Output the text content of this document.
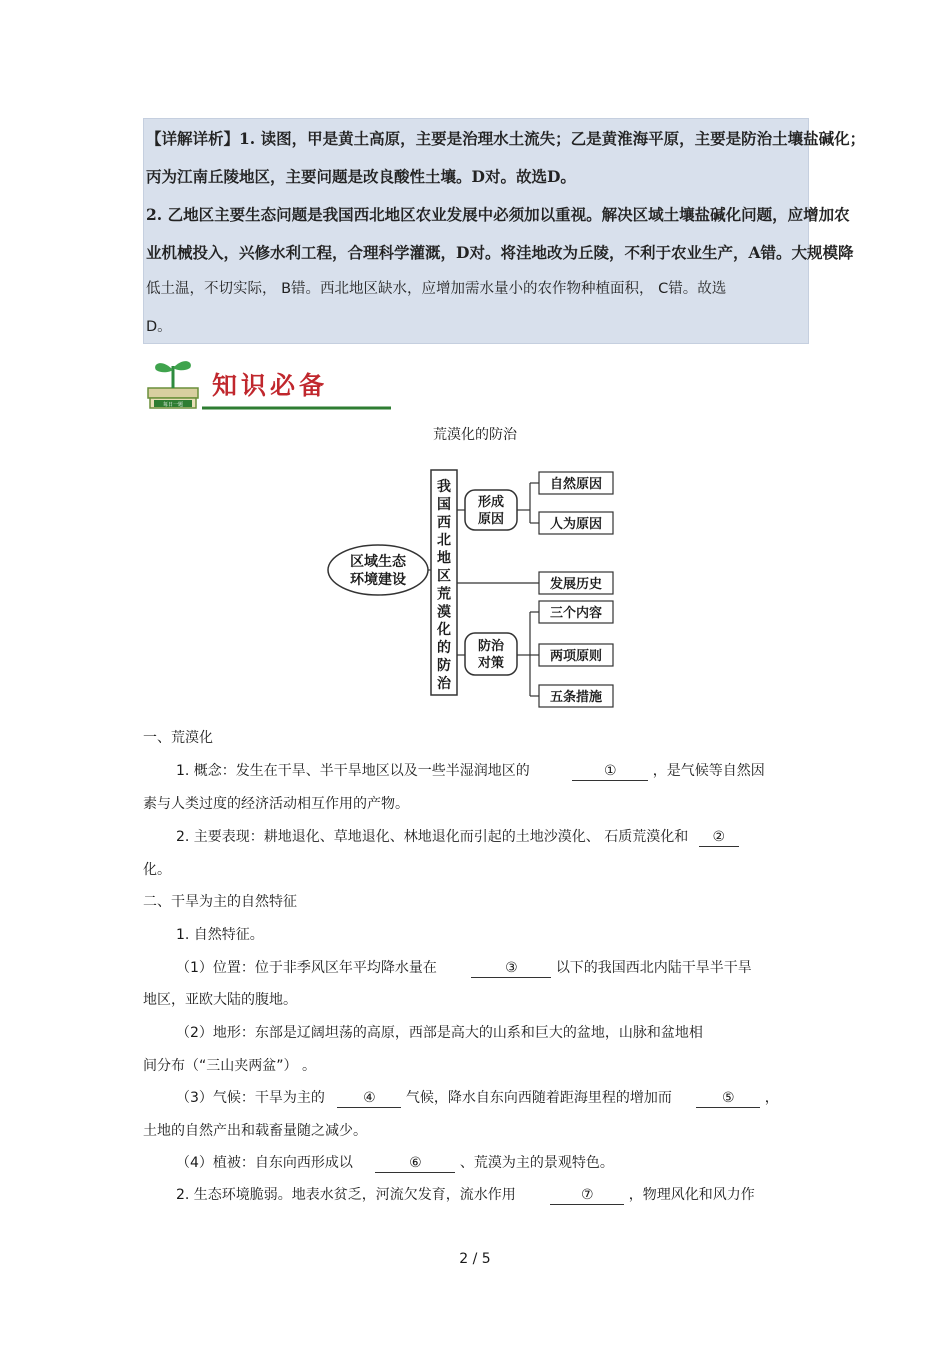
【详解详析】1. 读图，甲是黄土高原，主要是治理水土流失；乙是黄淮海平原，主要是防治土壤盐碱化；
丙为江南丘陵地区，主要问题是改良酸性土壤。D对。故选D。
2. 乙地区主要生态问题是我国西北地区农业发展中必须加以重视。解决区域土壤盐碱化问题，应增加农
业机械投入，兴修水利工程，合理科学灌溉，D对。将洼地改为丘陵，不利于农业生产，A错。大规模降
低土温，不切实际， B错。西北地区缺水，应增加需水量小的农作物种植面积， C错。故选
D。
每日一题
知识必备
荒漠化的防治
区域生态
环境建设
我
国
西
北
地
区
荒
漠
化
的
防
治
形成
原因
自然原因
人为原因
发展历史
防治
对策
三个内容
两项原则
五条措施
一、荒漠化
1. 概念：发生在干旱、半干旱地区以及一些半湿润地区的	①	，是气候等自然因
素与人类过度的经济活动相互作用的产物。
2. 主要表现：耕地退化、草地退化、林地退化而引起的土地沙漠化、 石质荒漠化和 ②
化。
二、干旱为主的自然特征
1. 自然特征。
（1）位置：位于非季风区年平均降水量在	③	以下的我国西北内陆干旱半干旱
地区，亚欧大陆的腹地。
（2）地形：东部是辽阔坦荡的高原，西部是高大的山系和巨大的盆地，山脉和盆地相
间分布（“三山夹两盆”） 。
（3）气候：干旱为主的	④ 气候，降水自东向西随着距海里程的增加而	⑤ ，
土地的自然产出和载畜量随之减少。
（4）植被：自东向西形成以	⑥	、荒漠为主的景观特色。
2. 生态环境脆弱。地表水贫乏，河流欠发育，流水作用	⑦	，物理风化和风力作
2 / 5
